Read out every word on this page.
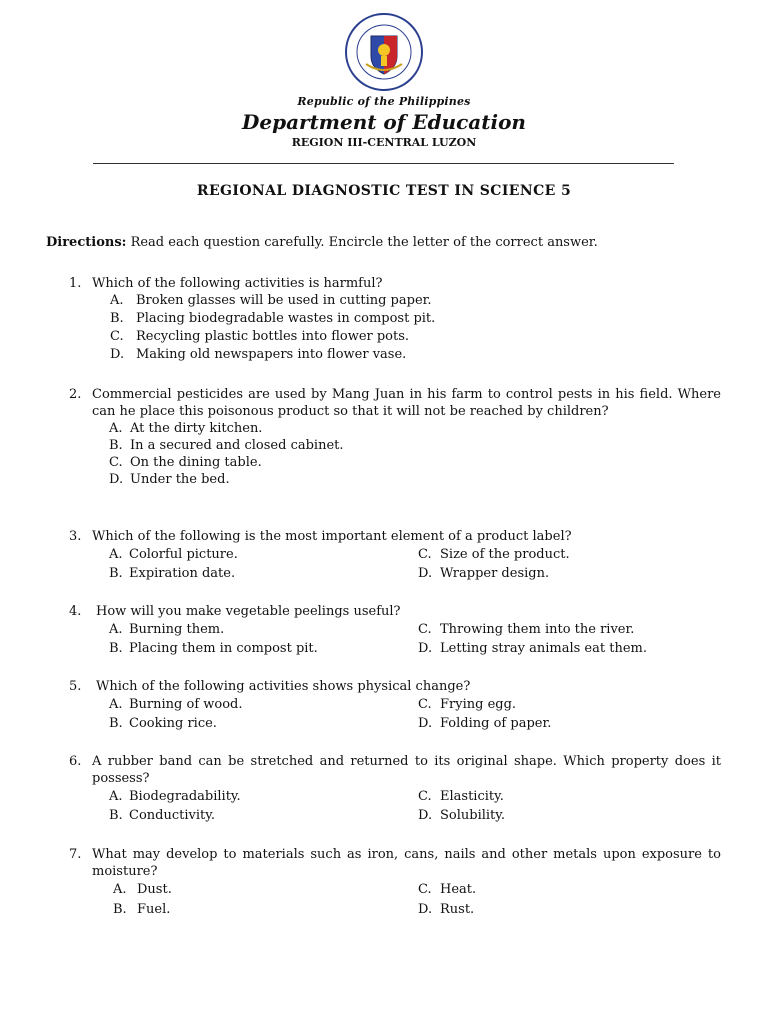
Republic of the Philippines
Department of Education
REGION III-CENTRAL LUZON
REGIONAL DIAGNOSTIC TEST IN SCIENCE 5
Directions: Read each question carefully. Encircle the letter of the correct answer.
1. Which of the following activities is harmful?
A. Broken glasses will be used in cutting paper.
B. Placing biodegradable wastes in compost pit.
C. Recycling plastic bottles into flower pots.
D. Making old newspapers into flower vase.
2. Commercial pesticides are used by Mang Juan in his farm to control pests in his field. Where can he place this poisonous product so that it will not be reached by children?
A. At the dirty kitchen.
B. In a secured and closed cabinet.
C. On the dining table.
D. Under the bed.
3. Which of the following is the most important element of a product label?
A. Colorful picture.	C. Size of the product.
B. Expiration date.	D. Wrapper design.
4. How will you make vegetable peelings useful?
A. Burning them.	C. Throwing them into the river.
B. Placing them in compost pit.	D. Letting stray animals eat them.
5. Which of the following activities shows physical change?
A. Burning of wood.	C. Frying egg.
B. Cooking rice.	D. Folding of paper.
6. A rubber band can be stretched and returned to its original shape. Which property does it possess?
A. Biodegradability.	C. Elasticity.
B. Conductivity.	D. Solubility.
7. What may develop to materials such as iron, cans, nails and other metals upon exposure to moisture?
A. Dust.	C. Heat.
B. Fuel.	D. Rust.
